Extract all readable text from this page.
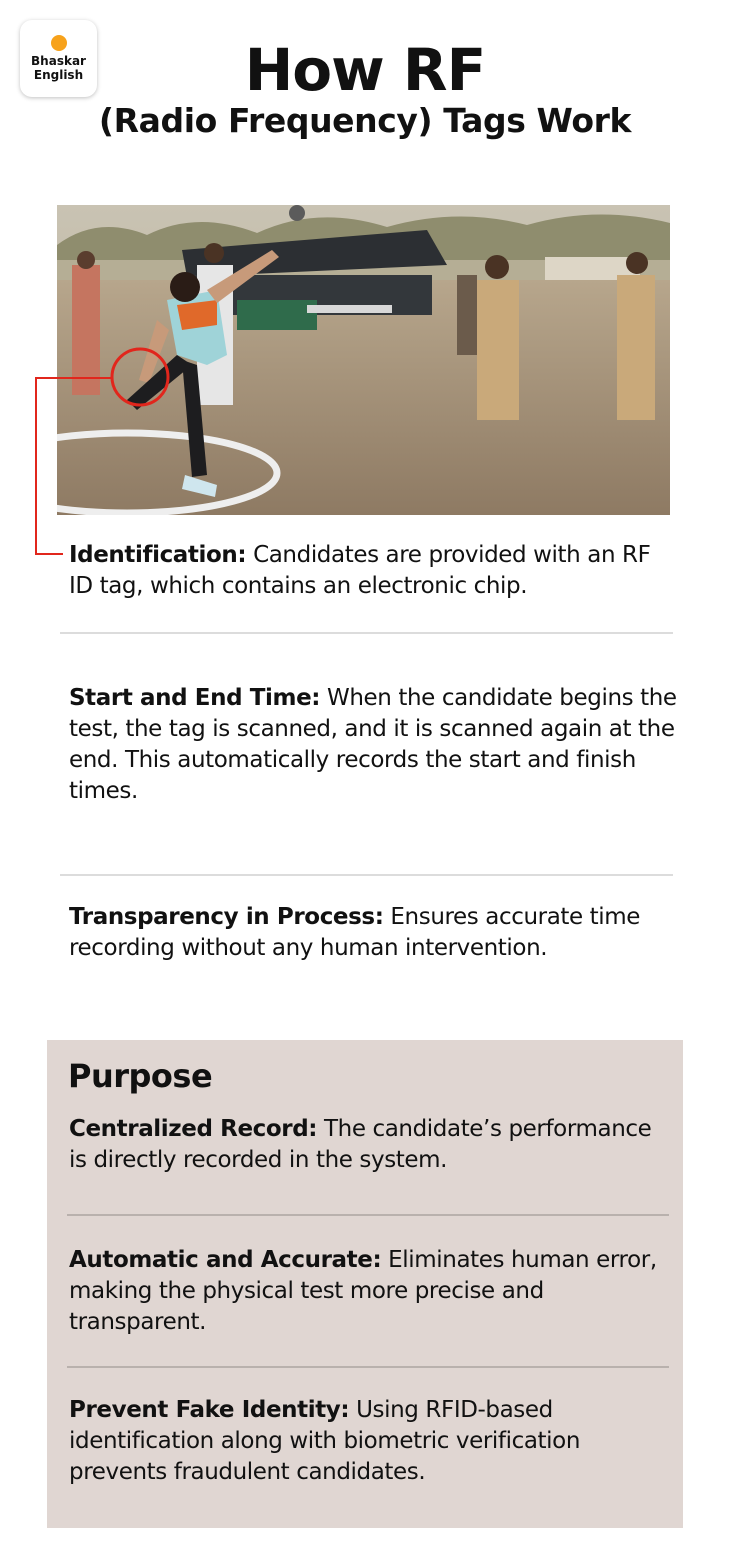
Bhaskar
English	How RF
(Radio Frequency) Tags Work

Identification: Candidates are provided with an RF ID tag, which contains an electronic chip.

Start and End Time: When the candidate begins the test, the tag is scanned, and it is scanned again at the end. This automatically records the start and finish times.

Transparency in Process: Ensures accurate time recording without any human intervention.

Purpose

Centralized Record: The candidate’s performance is directly recorded in the system.

Automatic and Accurate: Eliminates human error, making the physical test more precise and transparent.

Prevent Fake Identity: Using RFID-based identification along with biometric verification prevents fraudulent candidates.
